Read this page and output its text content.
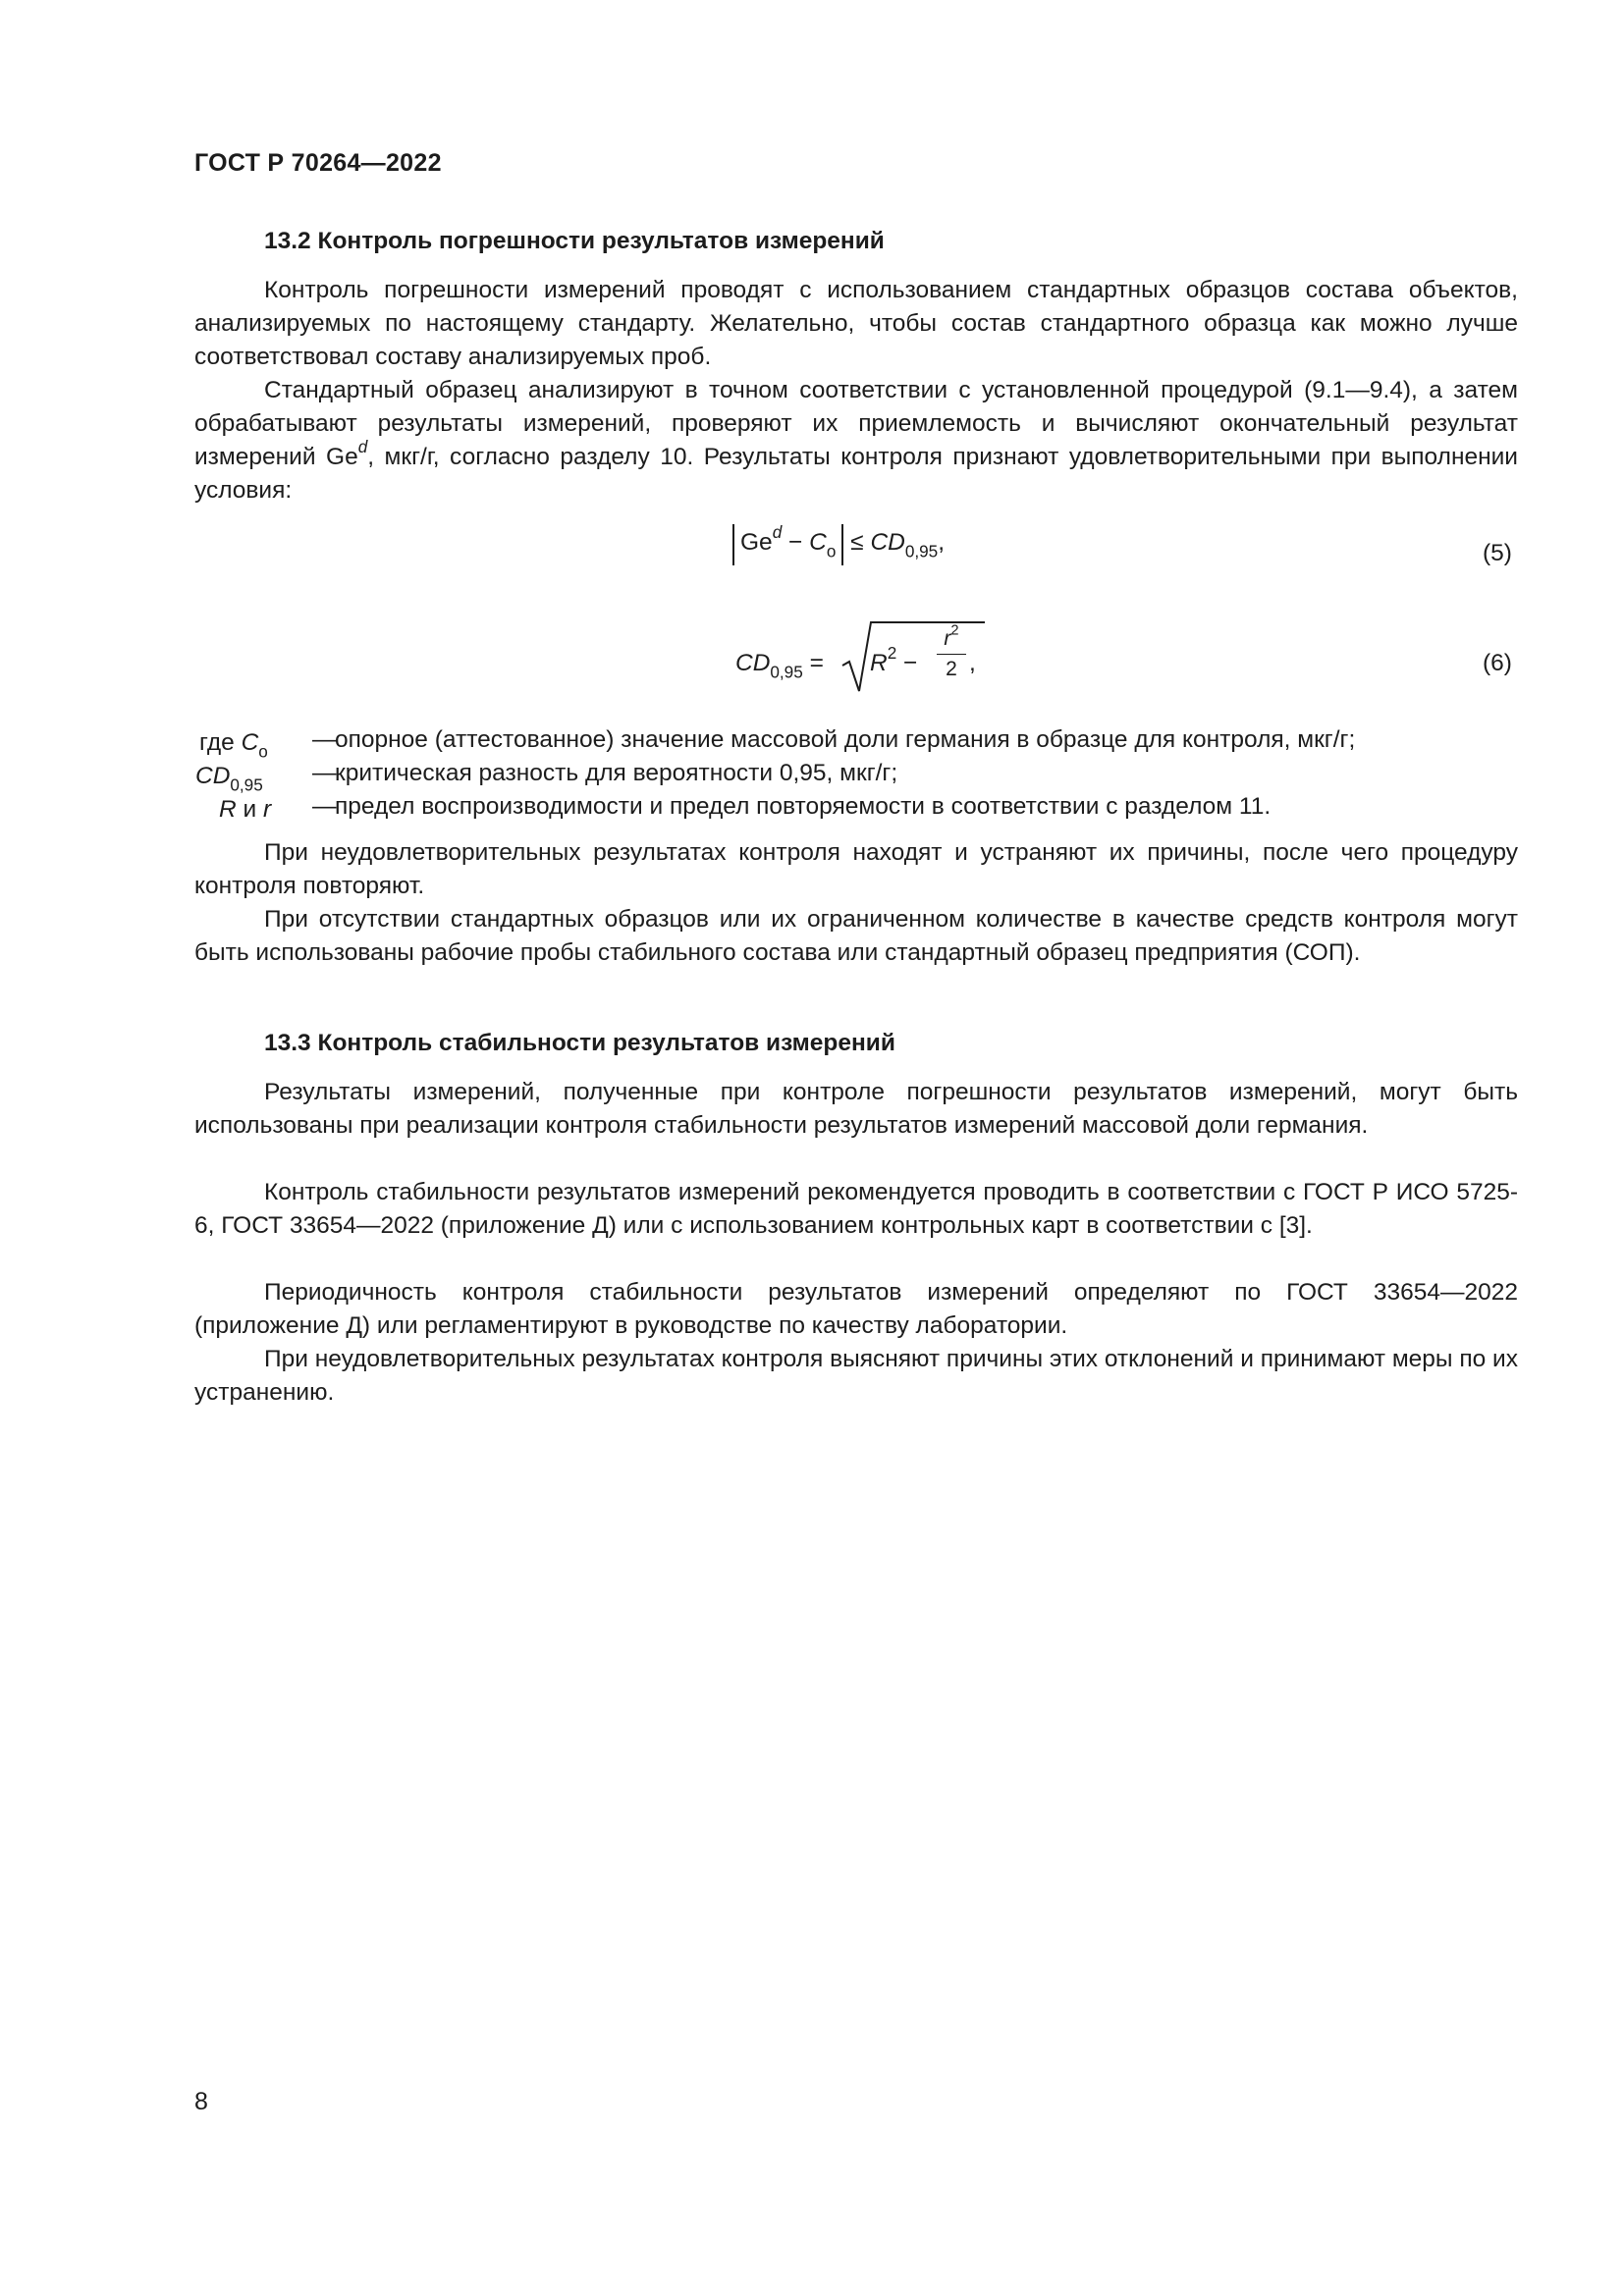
ГОСТ Р 70264—2022
13.2 Контроль погрешности результатов измерений

Контроль погрешности измерений проводят с использованием стандартных образцов состава объектов, анализируемых по настоящему стандарту. Желательно, чтобы состав стандартного образца как можно лучше соответствовал составу анализируемых проб.

Стандартный образец анализируют в точном соответствии с установленной процедурой (9.1—9.4), а затем обрабатывают результаты измерений, проверяют их приемлемость и вычисляют окончательный результат измерений Ge$^d$, мкг/г, согласно разделу 10. Результаты контроля признают удовлетворительными при выполнении условия:

$Ge^d - C_o \le CD_{0,95}$,	(5)
$CD_{0,95} = R^2$ −
$r^2$
2 ,	(6)
где $C_o$ —
опорное (аттестованное) значение массовой доли германия в образце для контроля, мкг/г;
$CD_{0,95}$ —
критическая разность для вероятности 0,95, мкг/г;
R и r —
предел воспроизводимости и предел повторяемости в соответствии с разделом 11.

При неудовлетворительных результатах контроля находят и устраняют их причины, после чего процедуру контроля повторяют.

При отсутствии стандартных образцов или их ограниченном количестве в качестве средств контроля могут быть использованы рабочие пробы стабильного состава или стандартный образец предприятия (СОП).

13.3 Контроль стабильности результатов измерений

Результаты измерений, полученные при контроле погрешности результатов измерений, могут быть использованы при реализации контроля стабильности результатов измерений массовой доли германия.

Контроль стабильности результатов измерений рекомендуется проводить в соответствии с ГОСТ Р ИСО 5725-6, ГОСТ 33654—2022 (приложение Д) или с использованием контрольных карт в соответствии с [3].

Периодичность контроля стабильности результатов измерений определяют по ГОСТ 33654—2022 (приложение Д) или регламентируют в руководстве по качеству лаборатории.

При неудовлетворительных результатах контроля выясняют причины этих отклонений и принимают меры по их устранению.

8
